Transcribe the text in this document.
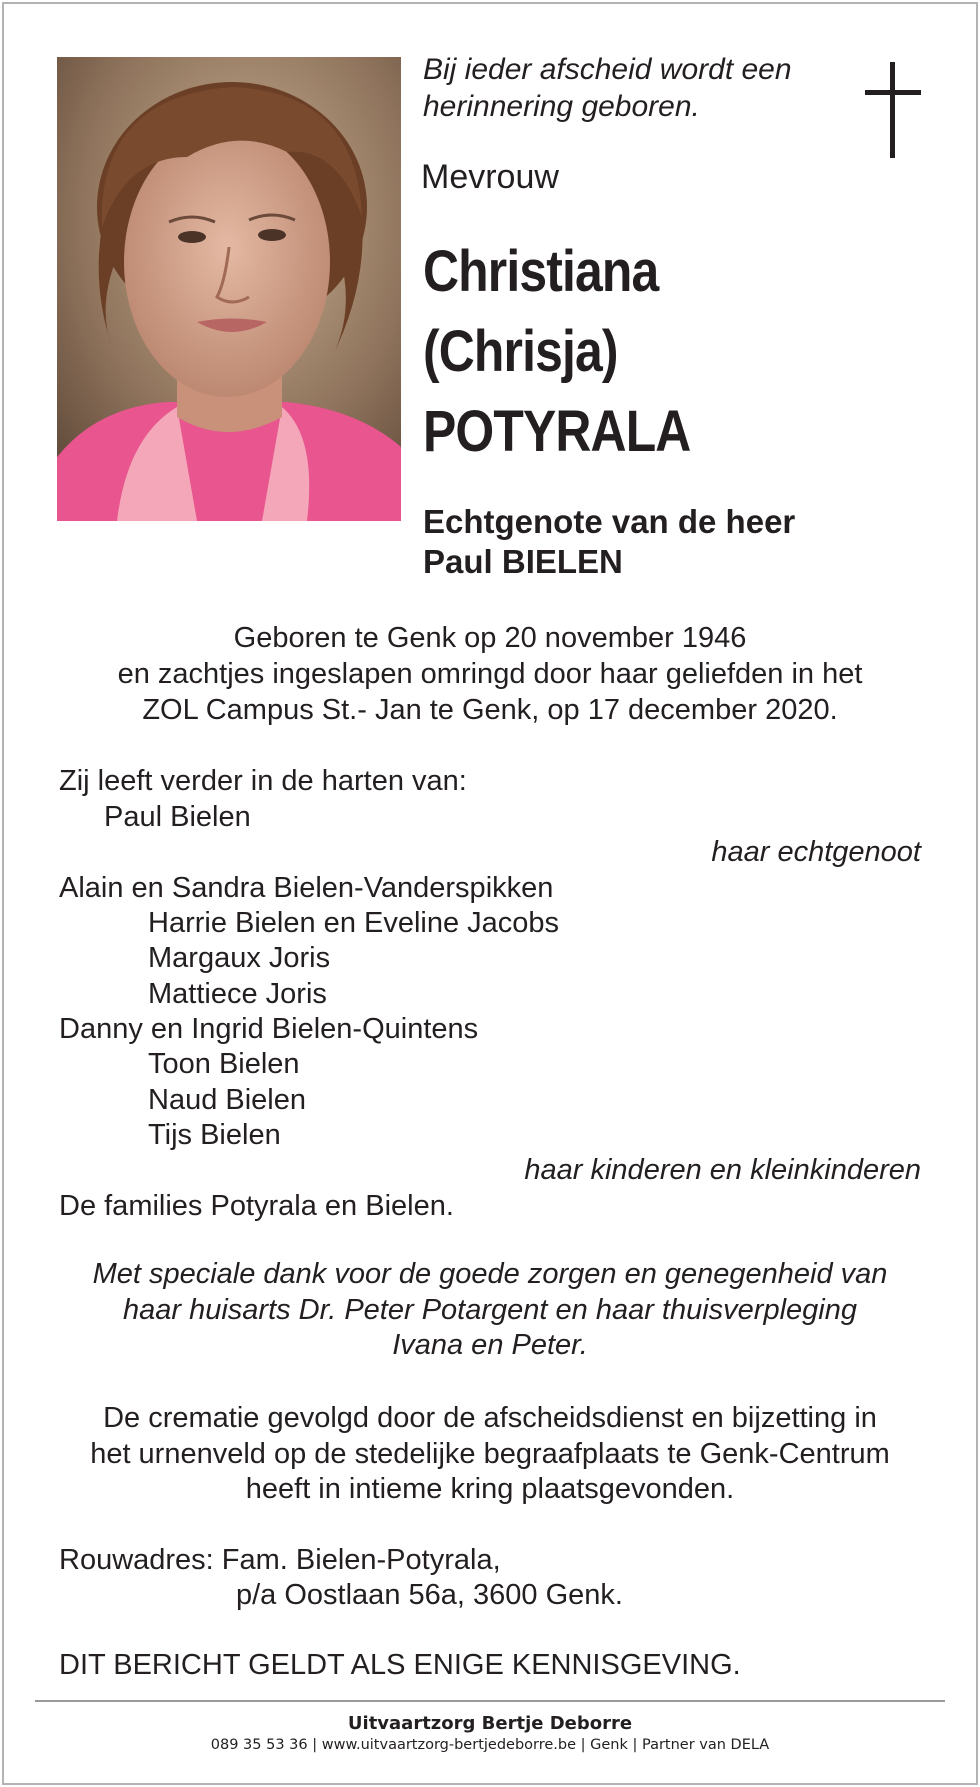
Bij ieder afscheid wordt een
herinnering geboren.
Mevrouw
Christiana
(Chrisja)
POTYRALA
Echtgenote van de heer
Paul BIELEN
Geboren te Genk op 20 november 1946
en zachtjes ingeslapen omringd door haar geliefden in het
ZOL Campus St.- Jan te Genk, op 17 december 2020.
Zij leeft verder in de harten van:
Paul Bielen
haar echtgenoot
Alain en Sandra Bielen-Vanderspikken
Harrie Bielen en Eveline Jacobs
Margaux Joris
Mattiece Joris
Danny en Ingrid Bielen-Quintens
Toon Bielen
Naud Bielen
Tijs Bielen
haar kinderen en kleinkinderen
De families Potyrala en Bielen.
Met speciale dank voor de goede zorgen en genegenheid van
haar huisarts Dr. Peter Potargent en haar thuisverpleging
Ivana en Peter.
De crematie gevolgd door de afscheidsdienst en bijzetting in
het urnenveld op de stedelijke begraafplaats te Genk-Centrum
heeft in intieme kring plaatsgevonden.
Rouwadres: Fam. Bielen-Potyrala,
p/a Oostlaan 56a, 3600 Genk.
DIT BERICHT GELDT ALS ENIGE KENNISGEVING.
Uitvaartzorg Bertje Deborre
089 35 53 36 | www.uitvaartzorg-bertjedeborre.be | Genk | Partner van DELA
